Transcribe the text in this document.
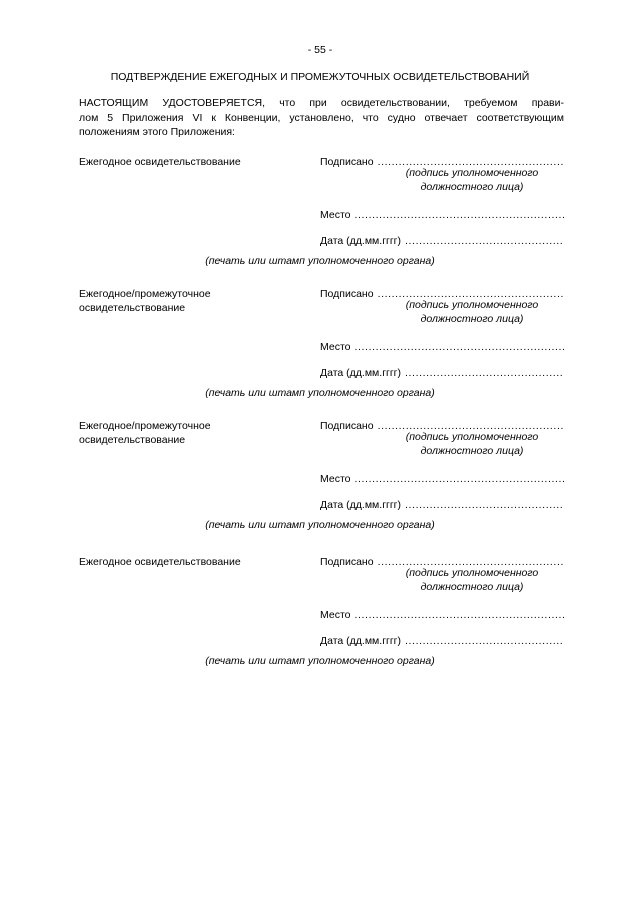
- 55 -
ПОДТВЕРЖДЕНИЕ ЕЖЕГОДНЫХ И ПРОМЕЖУТОЧНЫХ ОСВИДЕТЕЛЬСТВОВАНИЙ

НАСТОЯЩИМ УДОСТОВЕРЯЕТСЯ, что при освидетельствовании, требуемом прави-
лом 5 Приложения VI к Конвенции, установлено, что судно отвечает соответствующим
положениям этого Приложения:

Ежегодное освидетельствование	Подписано
.....
(подпись уполномоченного
должностного лица)
Место
.....
Дата (дд.мм.гггг)
.....
(печать или штамп уполномоченного органа)
Ежегодное/промежуточное
освидетельствование
Подписано
.....
(подпись уполномоченного
должностного лица)
Место
.....
Дата (дд.мм.гггг)
.....
(печать или штамп уполномоченного органа)
Ежегодное/промежуточное
освидетельствование
Подписано
.....
(подпись уполномоченного
должностного лица)
Место
.....
Дата (дд.мм.гггг)
.....
(печать или штамп уполномоченного органа)
Ежегодное освидетельствование	Подписано
.....
(подпись уполномоченного
должностного лица)
Место
.....
Дата (дд.мм.гггг)
.....
(печать или штамп уполномоченного органа)
